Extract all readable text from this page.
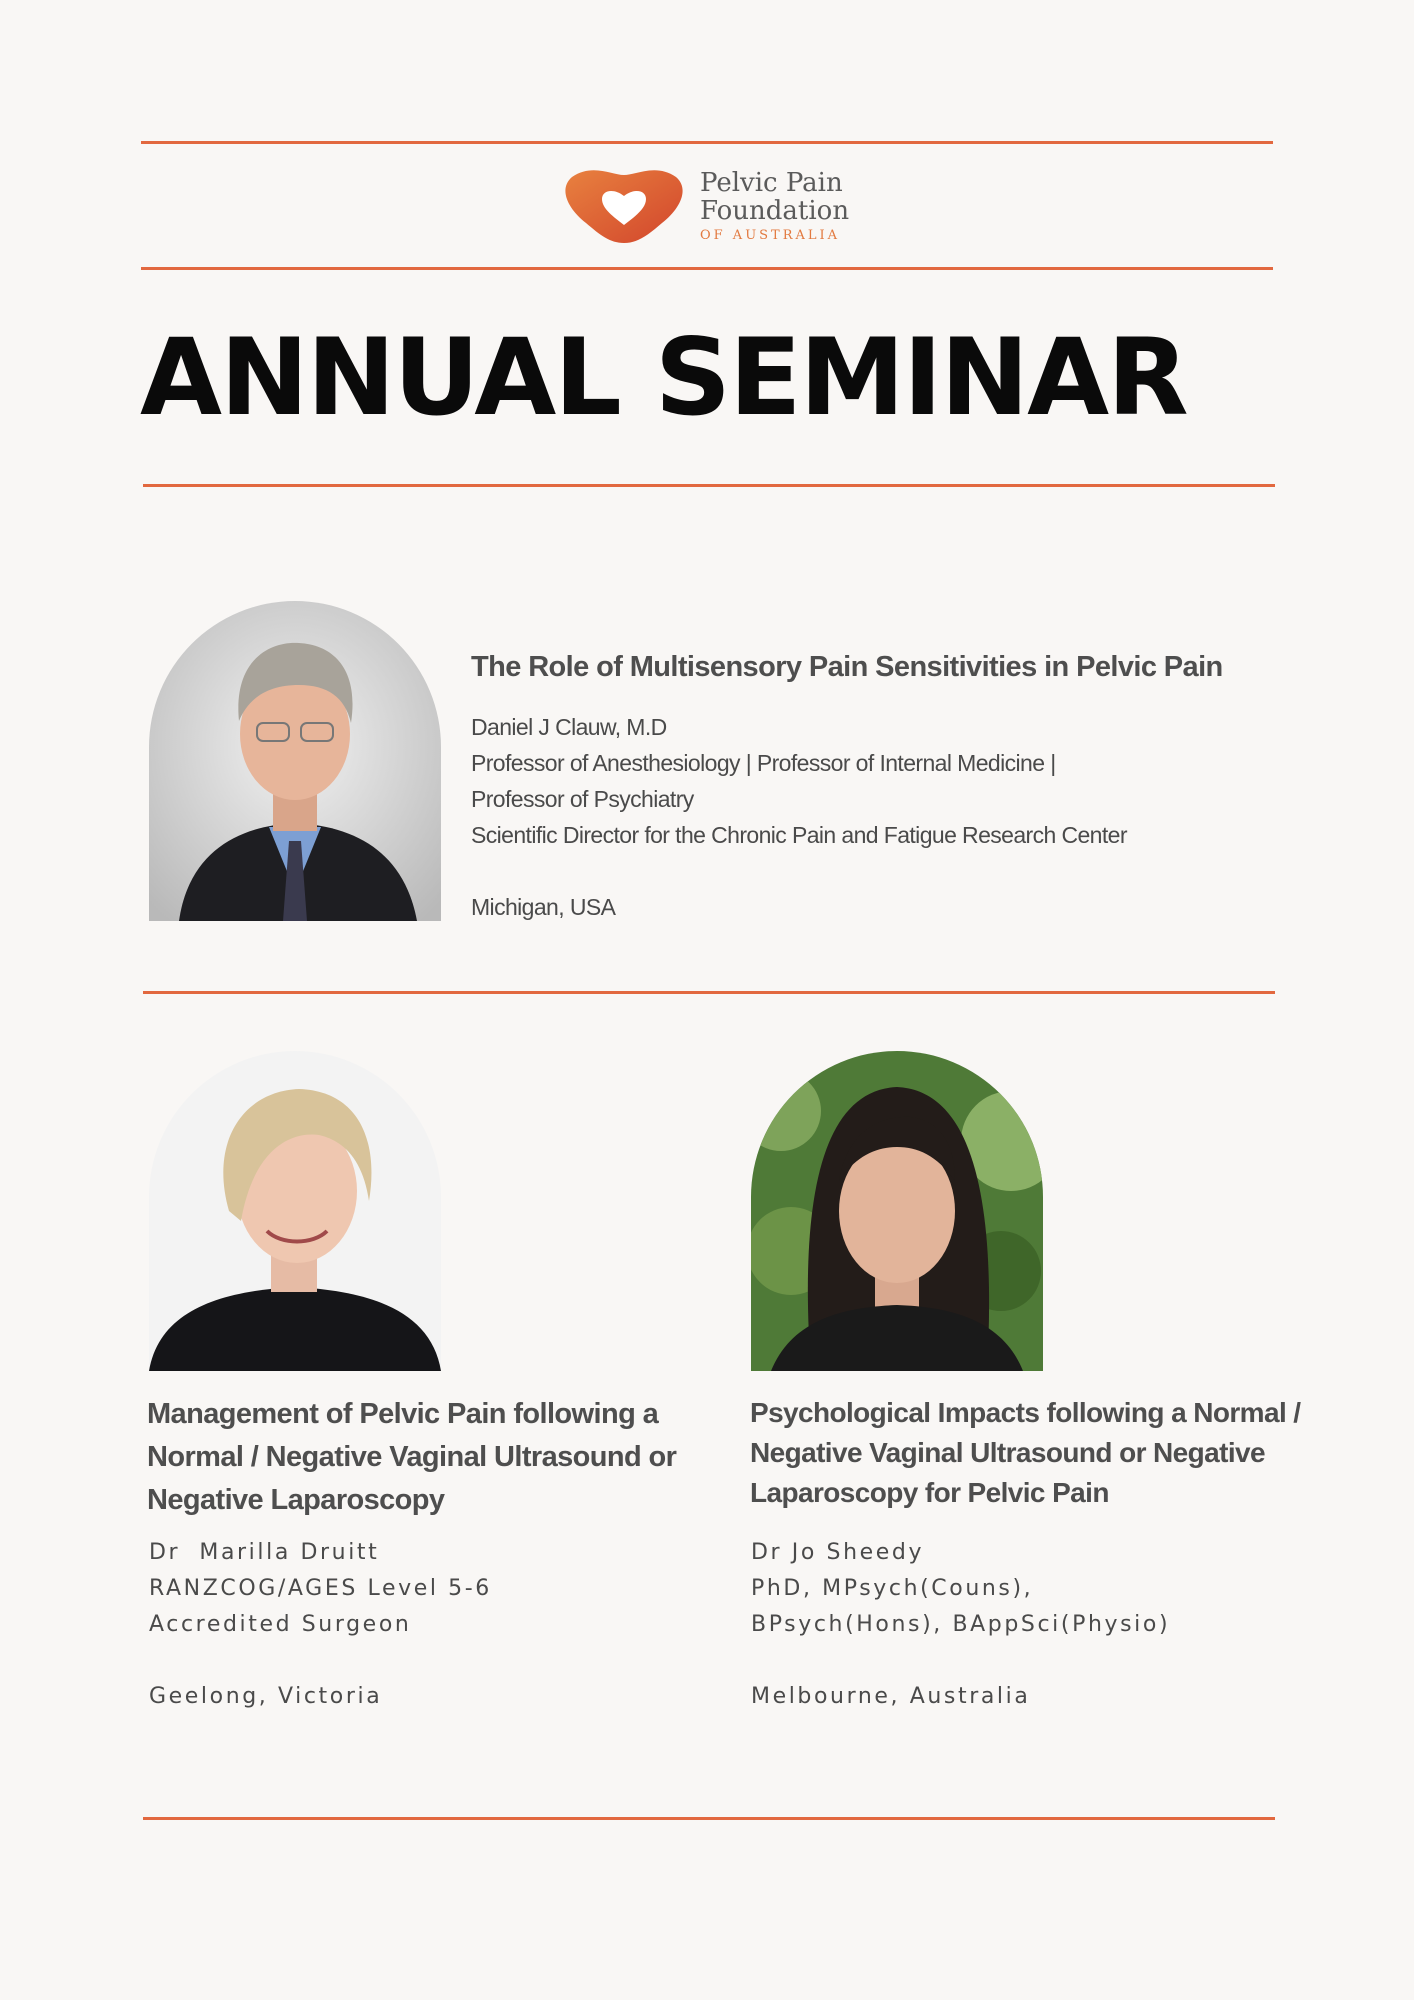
Pelvic Pain
Foundation
OF AUSTRALIA
ANNUAL SEMINAR
The Role of Multisensory Pain Sensitivities in Pelvic Pain
Daniel J Clauw, M.D
Professor of Anesthesiology | Professor of Internal Medicine |
Professor of Psychiatry
Scientific Director for the Chronic Pain and Fatigue Research Center
Michigan, USA
Management of Pelvic Pain following a
Normal / Negative Vaginal Ultrasound or
Negative Laparoscopy
Dr  Marilla Druitt
RANZCOG/AGES Level 5-6
Accredited Surgeon
Geelong, Victoria
Psychological Impacts following a Normal /
Negative Vaginal Ultrasound or Negative
Laparoscopy for Pelvic Pain
Dr Jo Sheedy
PhD, MPsych(Couns),
BPsych(Hons), BAppSci(Physio)
Melbourne, Australia
